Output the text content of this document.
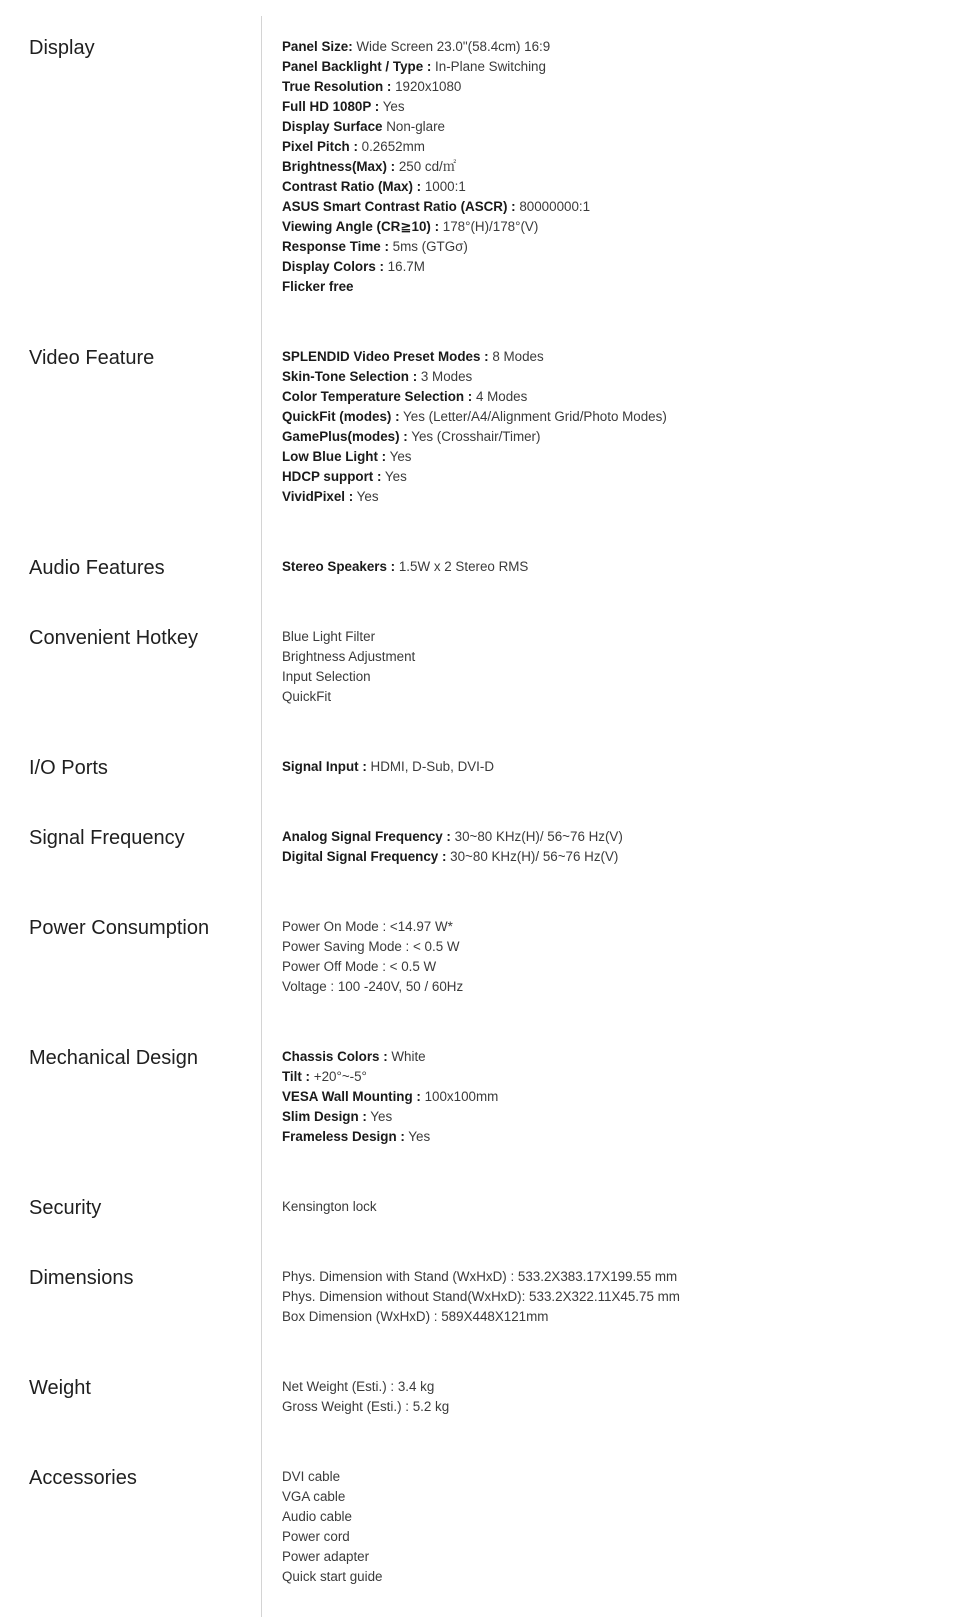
Display	Panel Size: Wide Screen 23.0"(58.4cm) 16:9
Panel Backlight / Type : In-Plane Switching
True Resolution : 1920x1080
Full HD 1080P : Yes
Display Surface Non-glare
Pixel Pitch : 0.2652mm
Brightness(Max) : 250 cd/㎡
Contrast Ratio (Max) : 1000:1
ASUS Smart Contrast Ratio (ASCR) : 80000000:1
Viewing Angle (CR≧10) : 178°(H)/178°(V)
Response Time : 5ms (GTGσ)
Display Colors : 16.7M
Flicker free
Video Feature	SPLENDID Video Preset Modes : 8 Modes
Skin-Tone Selection : 3 Modes
Color Temperature Selection : 4 Modes
QuickFit (modes) : Yes (Letter/A4/Alignment Grid/Photo Modes)
GamePlus(modes) : Yes (Crosshair/Timer)
Low Blue Light : Yes
HDCP support : Yes
VividPixel : Yes
Audio Features	Stereo Speakers : 1.5W x 2 Stereo RMS
Convenient Hotkey	Blue Light Filter
Brightness Adjustment
Input Selection
QuickFit
I/O Ports	Signal Input : HDMI, D-Sub, DVI-D
Signal Frequency	Analog Signal Frequency : 30~80 KHz(H)/ 56~76 Hz(V)
Digital Signal Frequency : 30~80 KHz(H)/ 56~76 Hz(V)
Power Consumption	Power On Mode : <14.97 W*
Power Saving Mode : < 0.5 W
Power Off Mode : < 0.5 W
Voltage : 100 -240V, 50 / 60Hz
Mechanical Design	Chassis Colors : White
Tilt : +20°~-5°
VESA Wall Mounting : 100x100mm
Slim Design : Yes
Frameless Design : Yes
Security	Kensington lock
Dimensions	Phys. Dimension with Stand (WxHxD) : 533.2X383.17X199.55 mm
Phys. Dimension without Stand(WxHxD): 533.2X322.11X45.75 mm
Box Dimension (WxHxD) : 589X448X121mm
Weight	Net Weight (Esti.) : 3.4 kg
Gross Weight (Esti.) : 5.2 kg
Accessories	DVI cable
VGA cable
Audio cable
Power cord
Power adapter
Quick start guide
